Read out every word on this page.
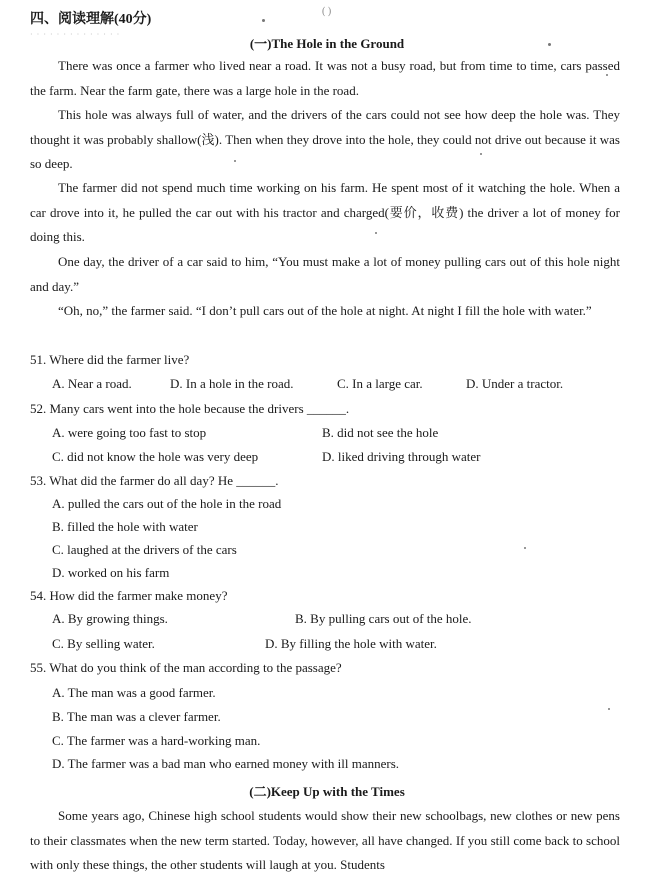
四、阅读理解(40分)
· · · · · · · · · · · · · ·
( )
(一)The Hole in the Ground
There was once a farmer who lived near a road. It was not a busy road, but from time to time, cars passed the farm. Near the farm gate, there was a large hole in the road.
This hole was always full of water, and the drivers of the cars could not see how deep the hole was. They thought it was probably shallow(浅). Then when they drove into the hole, they could not drive out because it was so deep.
The farmer did not spend much time working on his farm. He spent most of it watching the hole. When a car drove into it, he pulled the car out with his tractor and charged(要价，收费) the driver a lot of money for doing this.
One day, the driver of a car said to him, “You must make a lot of money pulling cars out of this hole night and day.”
“Oh, no,” the farmer said. “I don’t pull cars out of the hole at night. At night I fill the hole with water.”
51. Where did the farmer live?
A. Near a road.	D. In a hole in the road.	C. In a large car.	D. Under a tractor.
52. Many cars went into the hole because the drivers ______.
A. were going too fast to stop	B. did not see the hole
C. did not know the hole was very deep	D. liked driving through water
53. What did the farmer do all day? He ______.
A. pulled the cars out of the hole in the road
B. filled the hole with water
C. laughed at the drivers of the cars
D. worked on his farm
54. How did the farmer make money?
A. By growing things.	B. By pulling cars out of the hole.
C. By selling water.	D. By filling the hole with water.
55. What do you think of the man according to the passage?
A. The man was a good farmer.
B. The man was a clever farmer.
C. The farmer was a hard-working man.
D. The farmer was a bad man who earned money with ill manners.
(二)Keep Up with the Times
Some years ago, Chinese high school students would show their new schoolbags, new clothes or new pens to their classmates when the new term started. Today, however, all have changed. If you still come back to school with only these things, the other students will laugh at you. Students
